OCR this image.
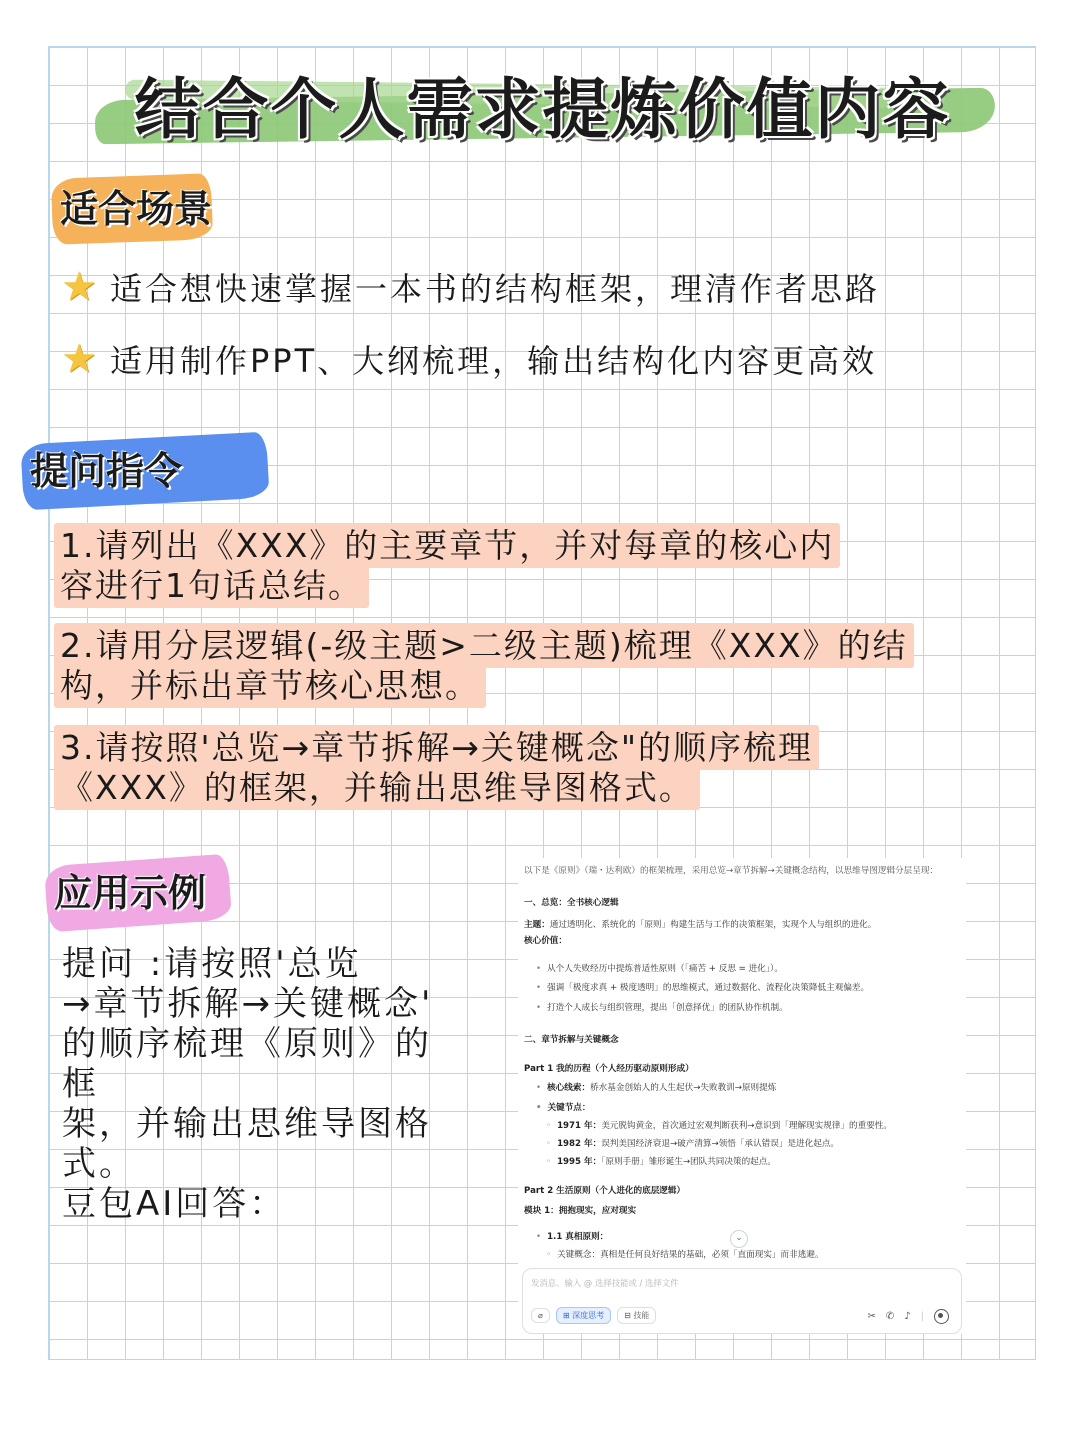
结合个人需求提炼价值内容
适合场景
★ 适合想快速掌握一本书的结构框架，理清作者思路
★ 适用制作PPT、大纲梳理，输出结构化内容更高效
提问指令
1.请列出《XXX》的主要章节，并对每章的核心内容进行1句话总结。
2.请用分层逻辑(-级主题>二级主题)梳理《XXX》的结构，并标出章节核心思想。
3.请按照'总览→章节拆解→关键概念"的顺序梳理《XXX》的框架，并输出思维导图格式。
应用示例
提问 :请按照'总览
→章节拆解→关键概念'
的顺序梳理《原则》的框
架，并输出思维导图格式。
豆包AI回答：
以下是《原则》（瑞・达利欧）的框架梳理，采用总览→章节拆解→关键概念结构，以思维导图逻辑分层呈现：
一、总览：全书核心逻辑
主题：通过透明化、系统化的「原则」构建生活与工作的决策框架，实现个人与组织的进化。
核心价值：
• 从个人失败经历中提炼普适性原则（「痛苦 + 反思 = 进化」）。
• 强调「极度求真 + 极度透明」的思维模式，通过数据化、流程化决策降低主观偏差。
• 打造个人成长与组织管理，提出「创意择优」的团队协作机制。
二、章节拆解与关键概念
Part 1 我的历程（个人经历驱动原则形成）
• 核心线索：桥水基金创始人的人生起伏→失败教训→原则提炼
• 关键节点：
◦ 1971 年：美元脱钩黄金，首次通过宏观判断获利→意识到「理解现实规律」的重要性。
◦ 1982 年：误判美国经济衰退→破产清算→领悟「承认错误」是进化起点。
◦ 1995 年：「原则手册」雏形诞生→团队共同决策的起点。
Part 2 生活原则（个人进化的底层逻辑）
模块 1：拥抱现实，应对现实
• 1.1 真相原则：
◦ 关键概念：真相是任何良好结果的基础，必须「直面现实」而非逃避。
⌄
发消息、输入 @ 选择技能或 / 选择文件
⌀	⊞ 深度思考	⊟ 技能	✂ ✆ ♪ |
